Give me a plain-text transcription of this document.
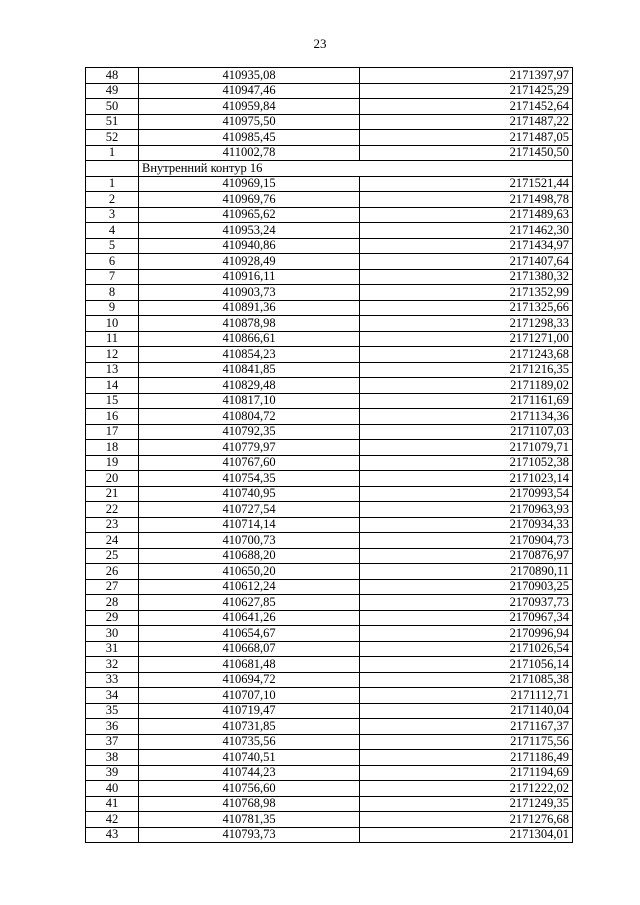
23
48	410935,08	2171397,97
49	410947,46	2171425,29
50	410959,84	2171452,64
51	410975,50	2171487,22
52	410985,45	2171487,05
1	411002,78	2171450,50
	Внутренний контур 16	
1	410969,15	2171521,44
2	410969,76	2171498,78
3	410965,62	2171489,63
4	410953,24	2171462,30
5	410940,86	2171434,97
6	410928,49	2171407,64
7	410916,11	2171380,32
8	410903,73	2171352,99
9	410891,36	2171325,66
10	410878,98	2171298,33
11	410866,61	2171271,00
12	410854,23	2171243,68
13	410841,85	2171216,35
14	410829,48	2171189,02
15	410817,10	2171161,69
16	410804,72	2171134,36
17	410792,35	2171107,03
18	410779,97	2171079,71
19	410767,60	2171052,38
20	410754,35	2171023,14
21	410740,95	2170993,54
22	410727,54	2170963,93
23	410714,14	2170934,33
24	410700,73	2170904,73
25	410688,20	2170876,97
26	410650,20	2170890,11
27	410612,24	2170903,25
28	410627,85	2170937,73
29	410641,26	2170967,34
30	410654,67	2170996,94
31	410668,07	2171026,54
32	410681,48	2171056,14
33	410694,72	2171085,38
34	410707,10	2171112,71
35	410719,47	2171140,04
36	410731,85	2171167,37
37	410735,56	2171175,56
38	410740,51	2171186,49
39	410744,23	2171194,69
40	410756,60	2171222,02
41	410768,98	2171249,35
42	410781,35	2171276,68
43	410793,73	2171304,01
